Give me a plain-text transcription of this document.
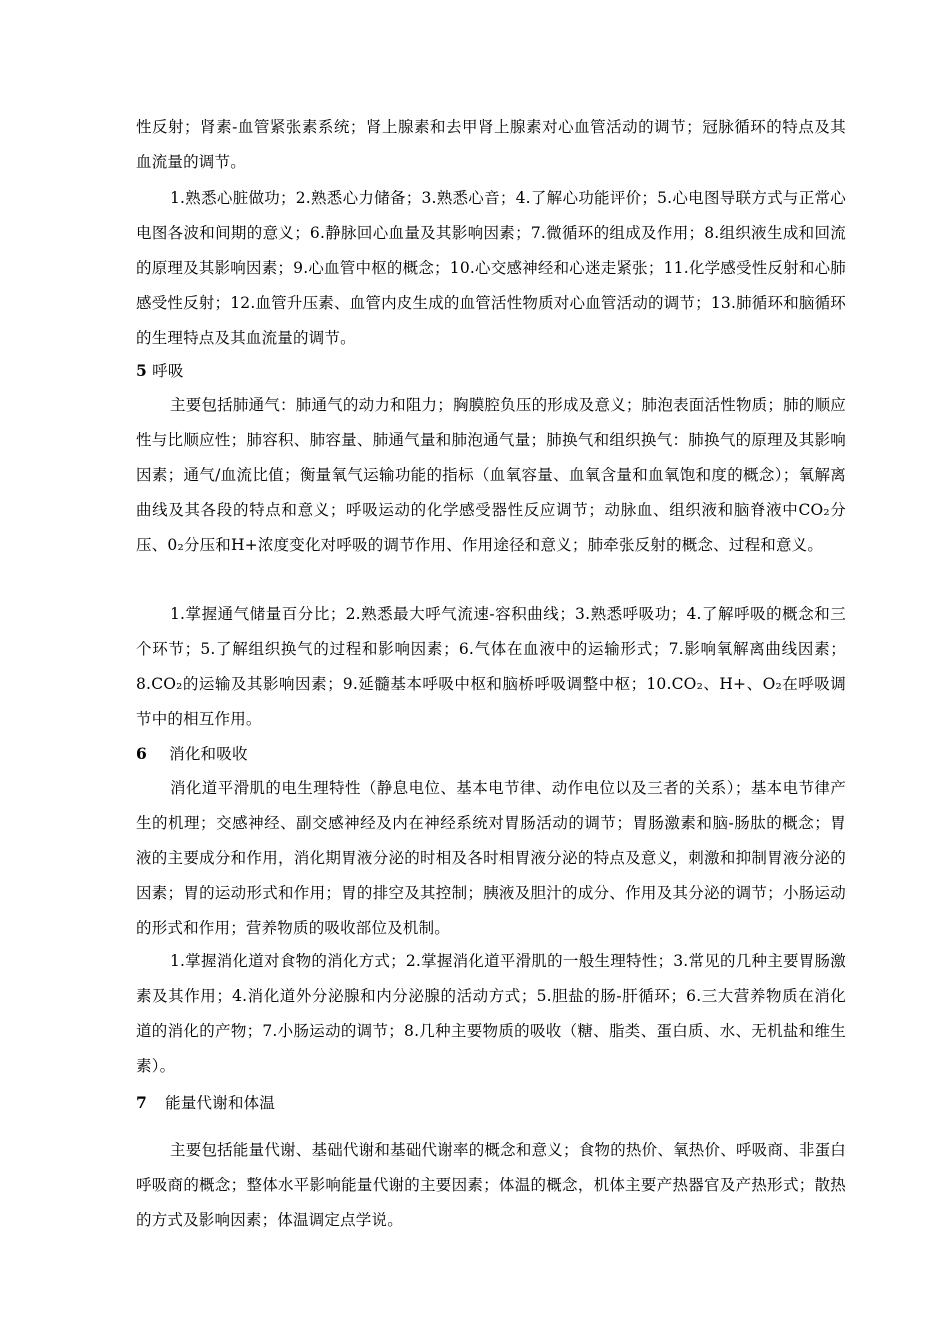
性反射；肾素-血管紧张素系统；肾上腺素和去甲肾上腺素对心血管活动的调节；冠脉循环的特点及其血流量的调节。

1.熟悉心脏做功；2.熟悉心力储备；3.熟悉心音；4.了解心功能评价；5.心电图导联方式与正常心电图各波和间期的意义；6.静脉回心血量及其影响因素；7.微循环的组成及作用；8.组织液生成和回流的原理及其影响因素；9.心血管中枢的概念；10.心交感神经和心迷走紧张；11.化学感受性反射和心肺感受性反射；12.血管升压素、血管内皮生成的血管活性物质对心血管活动的调节；13.肺循环和脑循环的生理特点及其血流量的调节。

5 呼吸

主要包括肺通气：肺通气的动力和阻力；胸膜腔负压的形成及意义；肺泡表面活性物质；肺的顺应性与比顺应性；肺容积、肺容量、肺通气量和肺泡通气量；肺换气和组织换气：肺换气的原理及其影响因素；通气/血流比值；衡量氧气运输功能的指标（血氧容量、血氧含量和血氧饱和度的概念）；氧解离曲线及其各段的特点和意义；呼吸运动的化学感受器性反应调节；动脉血、组织液和脑脊液中CO₂分压、0₂分压和H+浓度变化对呼吸的调节作用、作用途径和意义；肺牵张反射的概念、过程和意义。

1.掌握通气储量百分比；2.熟悉最大呼气流速-容积曲线；3.熟悉呼吸功；4.了解呼吸的概念和三个环节；5.了解组织换气的过程和影响因素；6.气体在血液中的运输形式；7.影响氧解离曲线因素；8.CO₂的运输及其影响因素；9.延髓基本呼吸中枢和脑桥呼吸调整中枢；10.CO₂、H+、O₂在呼吸调节中的相互作用。

6 消化和吸收

消化道平滑肌的电生理特性（静息电位、基本电节律、动作电位以及三者的关系）；基本电节律产生的机理；交感神经、副交感神经及内在神经系统对胃肠活动的调节；胃肠激素和脑-肠肽的概念；胃液的主要成分和作用，消化期胃液分泌的时相及各时相胃液分泌的特点及意义，刺激和抑制胃液分泌的因素；胃的运动形式和作用；胃的排空及其控制；胰液及胆汁的成分、作用及其分泌的调节；小肠运动的形式和作用；营养物质的吸收部位及机制。

1.掌握消化道对食物的消化方式；2.掌握消化道平滑肌的一般生理特性；3.常见的几种主要胃肠激素及其作用；4.消化道外分泌腺和内分泌腺的活动方式；5.胆盐的肠-肝循环；6.三大营养物质在消化道的消化的产物；7.小肠运动的调节；8.几种主要物质的吸收（糖、脂类、蛋白质、水、无机盐和维生素）。

7 能量代谢和体温

主要包括能量代谢、基础代谢和基础代谢率的概念和意义；食物的热价、氧热价、呼吸商、非蛋白呼吸商的概念；整体水平影响能量代谢的主要因素；体温的概念，机体主要产热器官及产热形式；散热的方式及影响因素；体温调定点学说。
